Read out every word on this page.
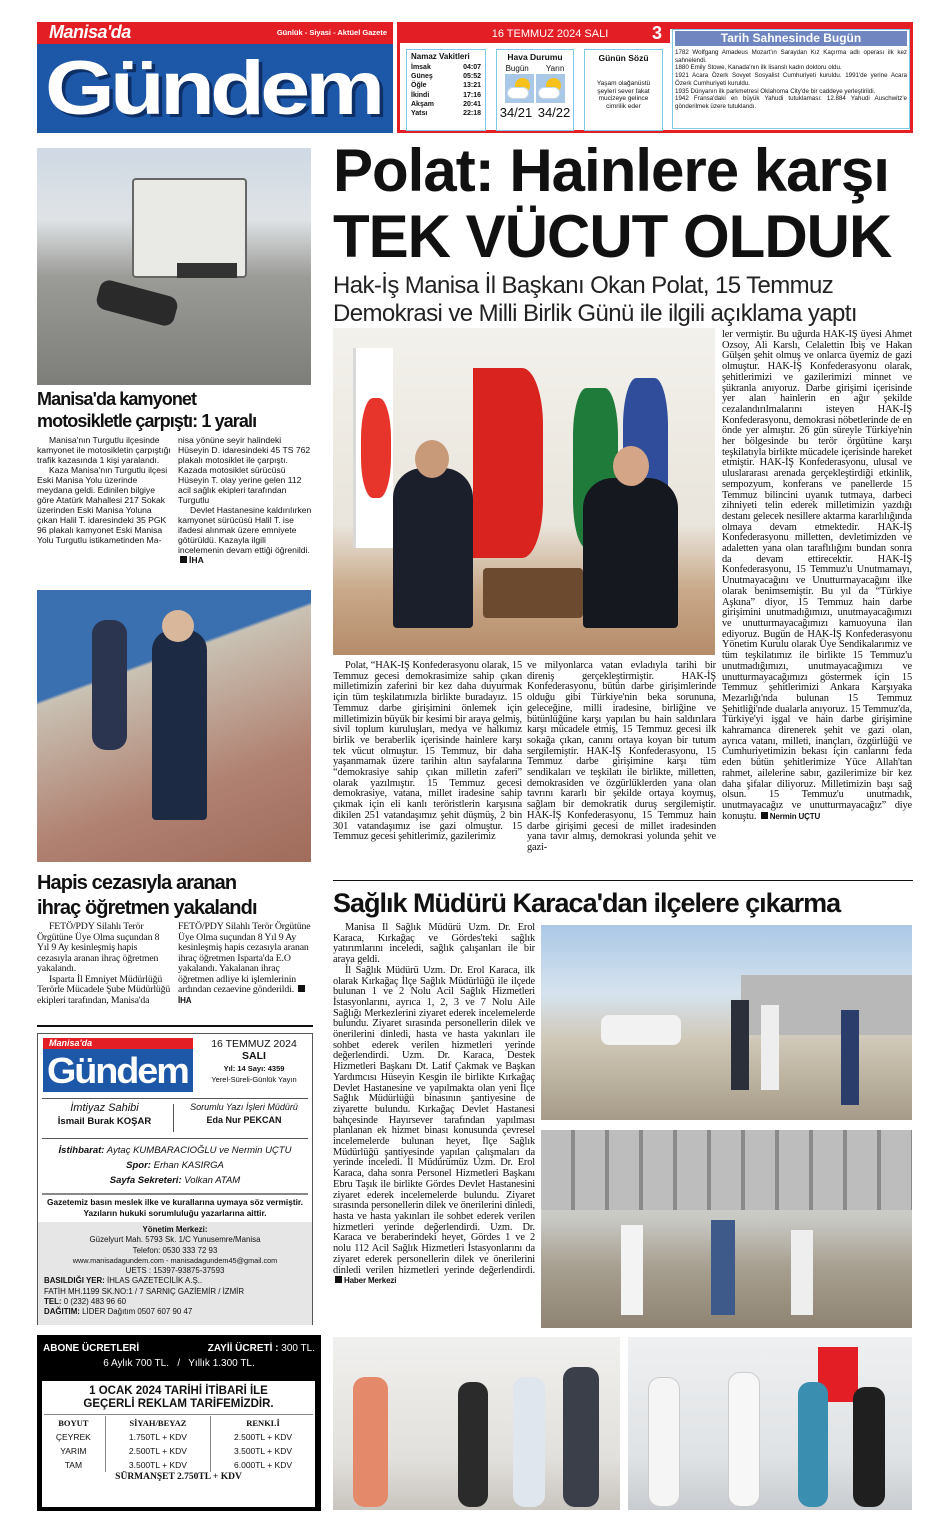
Manisa'da	Günlük - Siyasi - Aktüel Gazete
Gündem
16 TEMMUZ 2024 SALI	3
Namaz Vakitleri
İmsak	04:07
Güneş	05:52
Öğle	13:21
İkindi	17:16
Akşam	20:41
Yatsı	22:18
Hava Durumu
Bugün Yarın
34/21 34/22
Günün Sözü

Yaşam olağanüstü şeyleri sever fakat mucizeye gelince cimrilik eder

Tarih Sahnesinde Bugün

1782 Wolfgang Amadeus Mozart'ın Saraydan Kız Kaçırma adlı operası ilk kez sahnelendi.

1880 Emily Stowe, Kanada'nın ilk lisanslı kadın doktoru oldu.

1921 Acara Özerk Sovyet Sosyalist Cumhuriyeti kuruldu. 1991'de yerine Acara Özerk Cumhuriyeti kuruldu.

1935 Dünyanın ilk parkmetresi Oklahoma City'de bir caddeye yerleştirildi.

1942 Fransa'daki en büyük Yahudi tutuklaması: 12.884 Yahudi Auschwitz'e gönderilmek üzere tutuklandı.

Manisa'da kamyonet
motosikletle çarpıştı: 1 yaralı

Manisa'nın Turgutlu ilçesinde kamyonet ile motosikletin çarpıştığı trafik kazasında 1 kişi yaralandı.

Kaza Manisa'nın Turgutlu ilçesi Eski Manisa Yolu üzerinde meydana geldi. Edinilen bilgiye göre Atatürk Mahallesi 217 Sokak üzerinden Eski Manisa Yoluna çıkan Halil T. idaresindeki 35 PGK 96 plakalı kamyonet Eski Manisa Yolu Turgutlu istikametinden Ma-

nisa yönüne seyir halindeki Hüseyin D. idaresindeki 45 TS 762 plakalı motosiklet ile çarpıştı. Kazada motosiklet sürücüsü Hüseyin T. olay yerine gelen 112 acil sağlık ekipleri tarafından Turgutlu

Devlet Hastanesine kaldırılırken kamyonet sürücüsü Halil T. ise ifadesi alınmak üzere emniyete götürüldü. Kazayla ilgili incelemenin devam ettiği öğrenildi. İHA

Hapis cezasıyla aranan
ihraç öğretmen yakalandı

FETÖ/PDY Silahlı Terör Örgütüne Üye Olma suçundan 8 Yıl 9 Ay kesinleşmiş hapis cezasıyla aranan ihraç öğretmen yakalandı.

Isparta İl Emniyet Müdürlüğü Terörle Mücadele Şube Müdürlüğü ekipleri tarafından, Manisa'da

FETÖ/PDY Silahlı Terör Örgütüne Üye Olma suçundan 8 Yıl 9 Ay kesinleşmiş hapis cezasıyla aranan ihraç öğretmen Isparta'da E.O yakalandı. Yakalanan ihraç öğretmen adliye ki işlemlerinin ardından cezaevine gönderildi. İHA

Manisa'da
Gündem
16 TEMMUZ 2024
SALI
Yıl: 14 Sayı: 4359
Yerel-Süreli-Günlük Yayın
İmtiyaz Sahibi
İsmail Burak KOŞAR
Sorumlu Yazı İşleri Müdürü
Eda Nur PEKCAN
İstihbarat: Aytaç KUMBARACIOĞLU ve Nermin UÇTU
Spor: Erhan KASIRGA
Sayfa Sekreteri: Volkan ATAM
Gazetemiz basın meslek ilke ve kurallarına uymaya söz vermiştir. Yazıların hukuki sorumluluğu yazarlarına aittir.
Yönetim Merkezi:
Güzelyurt Mah. 5793 Sk. 1/C Yunusemre/Manisa
Telefon: 0530 333 72 93
www.manisadagundem.com - manisadagundem45@gmail.com
UETS : 15397-93875-37593
BASILDIĞI YER: İHLAS GAZETECİLİK A.Ş..
FATİH MH.1199 SK.NO:1 / 7 SARNIÇ GAZİEMİR / İZMİR
TEL: 0 (232) 483 96 60
DAĞITIM: LİDER Dağıtım 0507 607 90 47
ABONE ÜCRETLERİ	ZAYİİ ÜCRETİ : 300 TL.
6 Aylık 700 TL.   /   Yıllık 1.300 TL.
1 OCAK 2024 TARİHİ İTİBARİ İLE GEÇERLİ REKLAM TARİFEMİZDİR.
BOYUT	SİYAH/BEYAZ	RENKLİ
ÇEYREK	1.750TL + KDV	2.500TL + KDV
YARIM	2.500TL + KDV	3.500TL + KDV
TAM	3.500TL + KDV	6.000TL + KDV
SÜRMANŞET 2.750TL + KDV
Polat: Hainlere karşı
TEK VÜCUT OLDUK
Hak-İş Manisa İl Başkanı Okan Polat, 15 Temmuz Demokrasi ve Milli Birlik Günü ile ilgili açıklama yaptı

Polat, “HAK-İŞ Konfederasyonu olarak, 15 Temmuz gecesi demokrasimize sahip çıkan milletimizin zaferini bir kez daha duyurmak için tüm teşkilatımızla birlikte buradayız. 15 Temmuz darbe girişimini önlemek için milletimizin büyük bir kesimi bir araya gelmiş, sivil toplum kuruluşları, medya ve halkımız birlik ve beraberlik içerisinde hainlere karşı tek vücut olmuştur. 15 Temmuz, bir daha yaşanmamak üzere tarihin altın sayfalarına “demokrasiye sahip çıkan milletin zaferi” olarak yazılmıştır. 15 Temmuz gecesi demokrasiye, vatana, millet iradesine sahip çıkmak için eli kanlı teröristlerin karşısına dikilen 251 vatandaşımız şehit düşmüş, 2 bin 301 vatandaşımız ise gazi olmuştur. 15 Temmuz gecesi şehitlerimiz, gazilerimiz

ve milyonlarca vatan evladıyla tarihi bir direniş gerçekleştirmiştir. HAK-İŞ Konfederasyonu, bütün darbe girişimlerinde olduğu gibi Türkiye'nin beka sorununa, geleceğine, milli iradesine, birliğine ve bütünlüğüne karşı yapılan bu hain saldırılara karşı mücadele etmiş, 15 Temmuz gecesi ilk sokağa çıkan, canını ortaya koyan bir tutum sergilemiştir. HAK-İŞ Konfederasyonu, 15 Temmuz darbe girişimine karşı tüm sendikaları ve teşkilatı ile birlikte, milletten, demokrasiden ve özgürlüklerden yana olan tavrını kararlı bir şekilde ortaya koymuş, sağlam bir demokratik duruş sergilemiştir. HAK-İŞ Konfederasyonu, 15 Temmuz hain darbe girişimi gecesi de millet iradesinden yana tavır almış, demokrasi yolunda şehit ve gazi-

ler vermiştir. Bu uğurda HAK-İŞ üyesi Ahmet Ozsoy, Ali Karslı, Celalettin Ibiş ve Hakan Gülşen şehit olmuş ve onlarca üyemiz de gazi olmuştur. HAK-İŞ Konfederasyonu olarak, şehitlerimizi ve gazilerimizi minnet ve şükranla anıyoruz. Darbe girişimi içerisinde yer alan hainlerin en ağır şekilde cezalandırılmalarını isteyen HAK-İŞ Konfederasyonu, demokrasi nöbetlerinde de en önde yer almıştır. 26 gün süreyle Türkiye'nin her bölgesinde bu terör örgütüne karşı teşkilatıyla birlikte mücadele içerisinde hareket etmiştir. HAK-İŞ Konfederasyonu, ulusal ve uluslararası arenada gerçekleştirdiği etkinlik, sempozyum, konferans ve panellerde 15 Temmuz bilincini uyanık tutmaya, darbeci zihniyeti telin ederek milletimizin yazdığı destanı gelecek nesillere aktarma kararlılığında olmaya devam etmektedir. HAK-İŞ Konfederasyonu milletten, devletimizden ve adaletten yana olan taraflılığını bundan sonra da devam ettirecektir. HAK-İŞ Konfederasyonu, 15 Temmuz'u Unutmamayı, Unutmayacağını ve Unutturmayacağını ilke olarak benimsemiştir. Bu yıl da “Türkiye Aşkına” diyor, 15 Temmuz hain darbe girişimini unutmadığımızı, unutmayacağımızı ve unutturmayacağımızı kamuoyuna ilan ediyoruz. Bugün de HAK-İŞ Konfederasyonu Yönetim Kurulu olarak Üye Sendikalarımız ve tüm teşkilatımız ile birlikte 15 Temmuz'u unutmadığımızı, unutmayacağımızı ve unutturmayacağımızı göstermek için 15 Temmuz şehitlerimizi Ankara Karşıyaka Mezarlığı'nda bulunan 15 Temmuz Şehitliği'nde dualarla anıyoruz. 15 Temmuz'da, Türkiye'yi işgal ve hain darbe girişimine kahramanca direnerek şehit ve gazi olan, ayrıca vatanı, milleti, inançları, özgürlüğü ve Cumhuriyetimizin bekası için canlarını feda eden bütün şehitlerimize Yüce Allah'tan rahmet, ailelerine sabır, gazilerimize bir kez daha şifalar diliyoruz. Milletimizin başı sağ olsun. 15 Temmuz'u unutmadık, unutmayacağız ve unutturmayacağız” diye konuştu. Nermin UÇTU

Sağlık Müdürü Karaca'dan ilçelere çıkarma

Manisa İl Sağlık Müdürü Uzm. Dr. Erol Karaca, Kırkağaç ve Gördes'teki sağlık yatırımlarını inceledi, sağlık çalışanları ile bir araya geldi.

İl Sağlık Müdürü Uzm. Dr. Erol Karaca, ilk olarak Kırkağaç İlçe Sağlık Müdürlüğü ile ilçede bulunan 1 ve 2 Nolu Acil Sağlık Hizmetleri İstasyonlarını, ayrıca 1, 2, 3 ve 7 Nolu Aile Sağlığı Merkezlerini ziyaret ederek incelemelerde bulundu. Ziyaret sırasında personellerin dilek ve önerilerini dinledi, hasta ve hasta yakınları ile sohbet ederek verilen hizmetleri yerinde değerlendirdi. Uzm. Dr. Karaca, Destek Hizmetleri Başkanı Dt. Latif Çakmak ve Başkan Yardımcısı Hüseyin Kesgin ile birlikte Kırkağaç Devlet Hastanesine ve yapılmakta olan yeni İlçe Sağlık Müdürlüğü binasının şantiyesine de ziyarette bulundu. Kırkağaç Devlet Hastanesi bahçesinde Hayırsever tarafından yapılması planlanan ek hizmet binası konusunda çevresel incelemelerde bulunan heyet, İlçe Sağlık Müdürlüğü şantiyesinde yapılan çalışmaları da yerinde inceledi. İl Müdürümüz Uzm. Dr. Erol Karaca, daha sonra Personel Hizmetleri Başkanı Ebru Taşık ile birlikte Gördes Devlet Hastanesini ziyaret ederek incelemelerde bulundu. Ziyaret sırasında personellerin dilek ve önerilerini dinledi, hasta ve hasta yakınları ile sohbet ederek verilen hizmetleri yerinde değerlendirdi. Uzm. Dr. Karaca ve beraberindeki heyet, Gördes 1 ve 2 nolu 112 Acil Sağlık Hizmetleri İstasyonlarını da ziyaret ederek personellerin dilek ve önerilerini dinledi verilen hizmetleri yerinde değerlendirdi. Haber Merkezi
